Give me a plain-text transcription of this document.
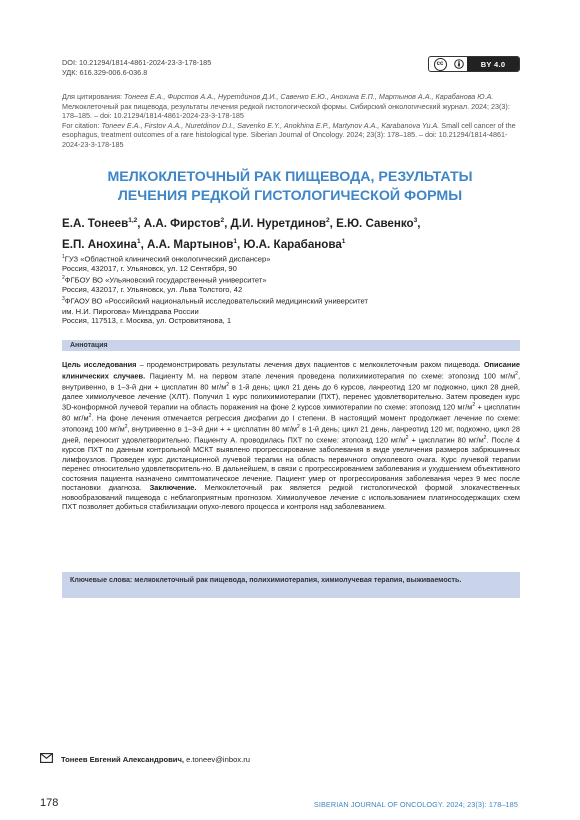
DOI: 10.21294/1814-4861-2024-23-3-178-185
УДК: 616.329-006.6-036.8
cc	BY 4.0
Для цитирования: Тонеев Е.А., Фирстов А.А., Нуретдинов Д.И., Савенко Е.Ю., Анохина Е.П., Мартынов А.А., Карабанова Ю.А. Мелкоклеточный рак пищевода, результаты лечения редкой гистологической формы. Сибирский онкологический журнал. 2024; 23(3): 178–185. – doi: 10.21294/1814-4861-2024-23-3-178-185
For citation: Toneev E.A., Firstov A.A., Nuretdinov D.I., Savenko E.Y., Anokhina E.P., Martynov A.A., Karabanova Yu.A. Small cell cancer of the esophagus, treatment outcomes of a rare histological type. Siberian Journal of Oncology. 2024; 23(3): 178–185. – doi: 10.21294/1814-4861-2024-23-3-178-185
МЕЛКОКЛЕТОЧНЫЙ РАК ПИЩЕВОДА, РЕЗУЛЬТАТЫ
ЛЕЧЕНИЯ РЕДКОЙ ГИСТОЛОГИЧЕСКОЙ ФОРМЫ
Е.А. Тонеев$^{1,2}$, А.А. Фирстов$^2$, Д.И. Нуретдинов$^2$, Е.Ю. Савенко$^3$,
Е.П. Анохина$^1$, А.А. Мартынов$^1$, Ю.А. Карабанова$^1$
$^1$ГУЗ «Областной клинический онкологический диспансер»
Россия, 432017, г. Ульяновск, ул. 12 Сентября, 90
$^2$ФГБОУ ВО «Ульяновский государственный университет»
Россия, 432017, г. Ульяновск, ул. Льва Толстого, 42
$^3$ФГАОУ ВО «Российский национальный исследовательский медицинский университет
им. Н.И. Пирогова» Минздрава России
Россия, 117513, г. Москва, ул. Островитянова, 1
Аннотация
Цель исследования – продемонстрировать результаты лечения двух пациентов с мелкоклеточным раком пищевода. Описание клинических случаев. Пациенту М. на первом этапе лечения проведена полихимиотерапия по схеме: этопозид 100 $мг/м^2$, внутривенно, в 1–3-й дни + цисплатин 80 $мг/м^2$ в 1-й день; цикл 21 день до 6 курсов, ланреотид 120 мг подкожно, цикл 28 дней, далее химиолучевое лечение (ХЛТ). Получил 1 курс полихимиотерапии (ПХТ), перенес удовлетворительно. Затем проведен курс 3D-конформной лучевой терапии на область поражения на фоне 2 курсов химиотерапии по схеме: этопозид 120 $мг/м^2$ + цисплатин 80 $мг/м^2$. На фоне лечения отмечается регрессия дисфагии до I степени. В настоящий момент продолжает лечение по схеме: этопозид 100 $мг/м^2$, внутривенно в 1–3-й дни + + цисплатин 80 $мг/м^2$ в 1-й день; цикл 21 день, ланреотид 120 мг, подкожно, цикл 28 дней, переносит удовлетворительно. Пациенту А. проводилась ПХТ по схеме: этопозид 120 $мг/м^2$ + цисплатин 80 $мг/м^2$. После 4 курсов ПХТ по данным контрольной МСКТ выявлено прогрессирование заболевания в виде увеличения размеров забрюшинных лимфоузлов. Проведен курс дистанционной лучевой терапии на область первичного опухолевого очага. Курс лучевой терапии перенес относительно удовлетворитель-но. В дальнейшем, в связи с прогрессированием заболевания и ухудшением объективного состояния пациента назначено симптоматическое лечение. Пациент умер от прогрессирования заболевания через 9 мес после постановки диагноза. Заключение. Мелкоклеточный рак является редкой гистологической формой злокачественных новообразований пищевода с неблагоприятным прогнозом. Химиолучевое лечение с использованием платиносодержащих схем ПХТ позволяет добиться стабилизации опухо-левого процесса и контроля над заболеванием.
Ключевые слова: мелкоклеточный рак пищевода, полихимиотерапия, химиолучевая терапия, выживаемость.
Тонеев Евгений Александрович, e.toneev@inbox.ru
178	SIBERIAN JOURNAL OF ONCOLOGY. 2024; 23(3): 178–185
